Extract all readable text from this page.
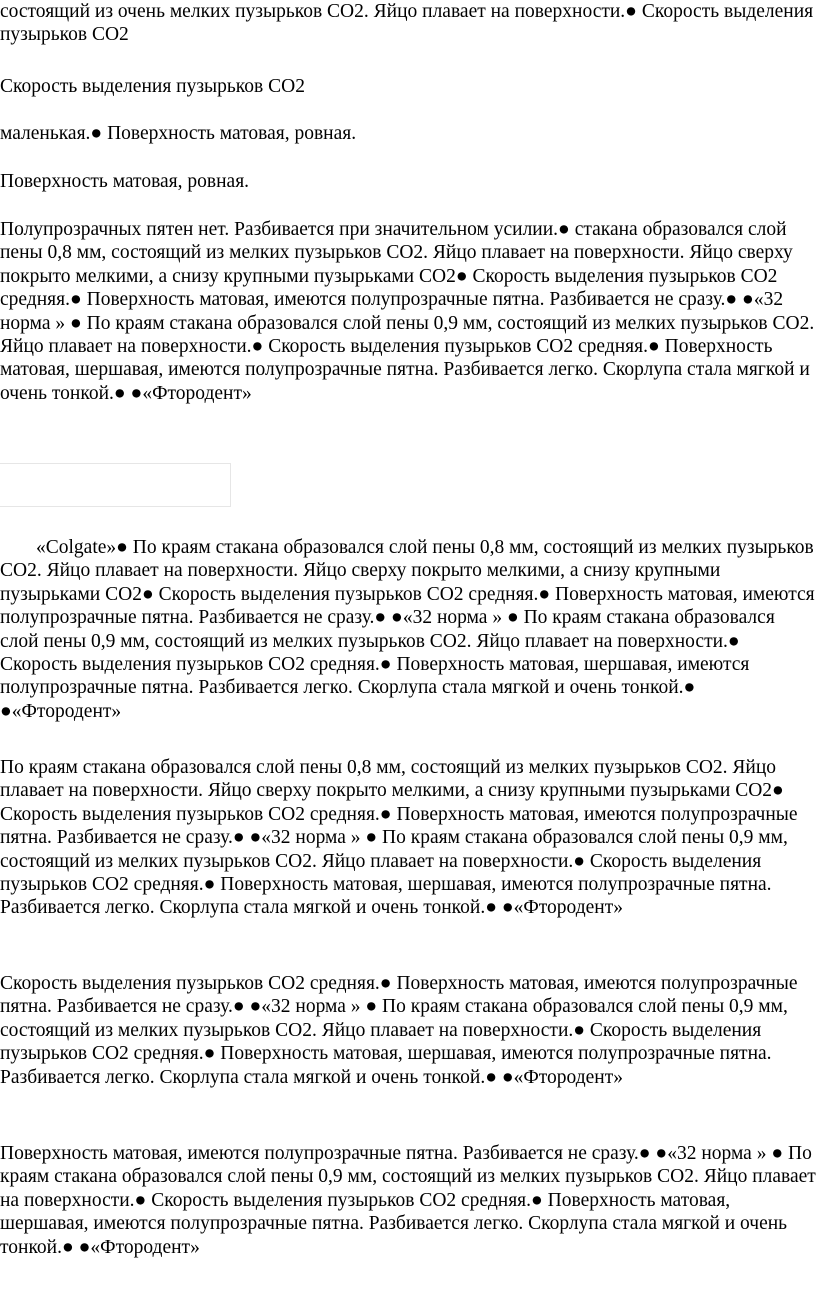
состоящий из очень мелких пузырьков СО2. Яйцо плавает на поверхности.● Скорость выделения пузырьков СО2

Скорость выделения пузырьков СО2

маленькая.● Поверхность матовая, ровная.

Поверхность матовая, ровная.

Полупрозрачных пятен нет. Разбивается при значительном усилии.● стакана образовался слой пены 0,8 мм, состоящий из мелких пузырьков СО2. Яйцо плавает на поверхности. Яйцо сверху покрыто мелкими, а снизу крупными пузырьками СО2● Скорость выделения пузырьков СО2 средняя.● Поверхность матовая, имеются полупрозрачные пятна. Разбивается не сразу.● ●«32 норма » ● По краям стакана образовался слой пены 0,9 мм, состоящий из мелких пузырьков СО2. Яйцо плавает на поверхности.● Скорость выделения пузырьков СО2 средняя.● Поверхность матовая, шершавая, имеются полупрозрачные пятна. Разбивается легко. Скорлупа стала мягкой и очень тонкой.● ●«Фтородент»

«Colgate»● По краям стакана образовался слой пены 0,8 мм, состоящий из мелких пузырьков СО2. Яйцо плавает на поверхности. Яйцо сверху покрыто мелкими, а снизу крупными пузырьками СО2● Скорость выделения пузырьков СО2 средняя.● Поверхность матовая, имеются полупрозрачные пятна. Разбивается не сразу.● ●«32 норма » ● По краям стакана образовался слой пены 0,9 мм, состоящий из мелких пузырьков СО2. Яйцо плавает на поверхности.● Скорость выделения пузырьков СО2 средняя.● Поверхность матовая, шершавая, имеются полупрозрачные пятна. Разбивается легко. Скорлупа стала мягкой и очень тонкой.● ●«Фтородент»

По краям стакана образовался слой пены 0,8 мм, состоящий из мелких пузырьков СО2. Яйцо плавает на поверхности. Яйцо сверху покрыто мелкими, а снизу крупными пузырьками СО2● Скорость выделения пузырьков СО2 средняя.● Поверхность матовая, имеются полупрозрачные пятна. Разбивается не сразу.● ●«32 норма » ● По краям стакана образовался слой пены 0,9 мм, состоящий из мелких пузырьков СО2. Яйцо плавает на поверхности.● Скорость выделения пузырьков СО2 средняя.● Поверхность матовая, шершавая, имеются полупрозрачные пятна. Разбивается легко. Скорлупа стала мягкой и очень тонкой.● ●«Фтородент»

Скорость выделения пузырьков СО2 средняя.● Поверхность матовая, имеются полупрозрачные пятна. Разбивается не сразу.● ●«32 норма » ● По краям стакана образовался слой пены 0,9 мм, состоящий из мелких пузырьков СО2. Яйцо плавает на поверхности.● Скорость выделения пузырьков СО2 средняя.● Поверхность матовая, шершавая, имеются полупрозрачные пятна. Разбивается легко. Скорлупа стала мягкой и очень тонкой.● ●«Фтородент»

Поверхность матовая, имеются полупрозрачные пятна. Разбивается не сразу.● ●«32 норма » ● По краям стакана образовался слой пены 0,9 мм, состоящий из мелких пузырьков СО2. Яйцо плавает на поверхности.● Скорость выделения пузырьков СО2 средняя.● Поверхность матовая, шершавая, имеются полупрозрачные пятна. Разбивается легко. Скорлупа стала мягкой и очень тонкой.● ●«Фтородент»
